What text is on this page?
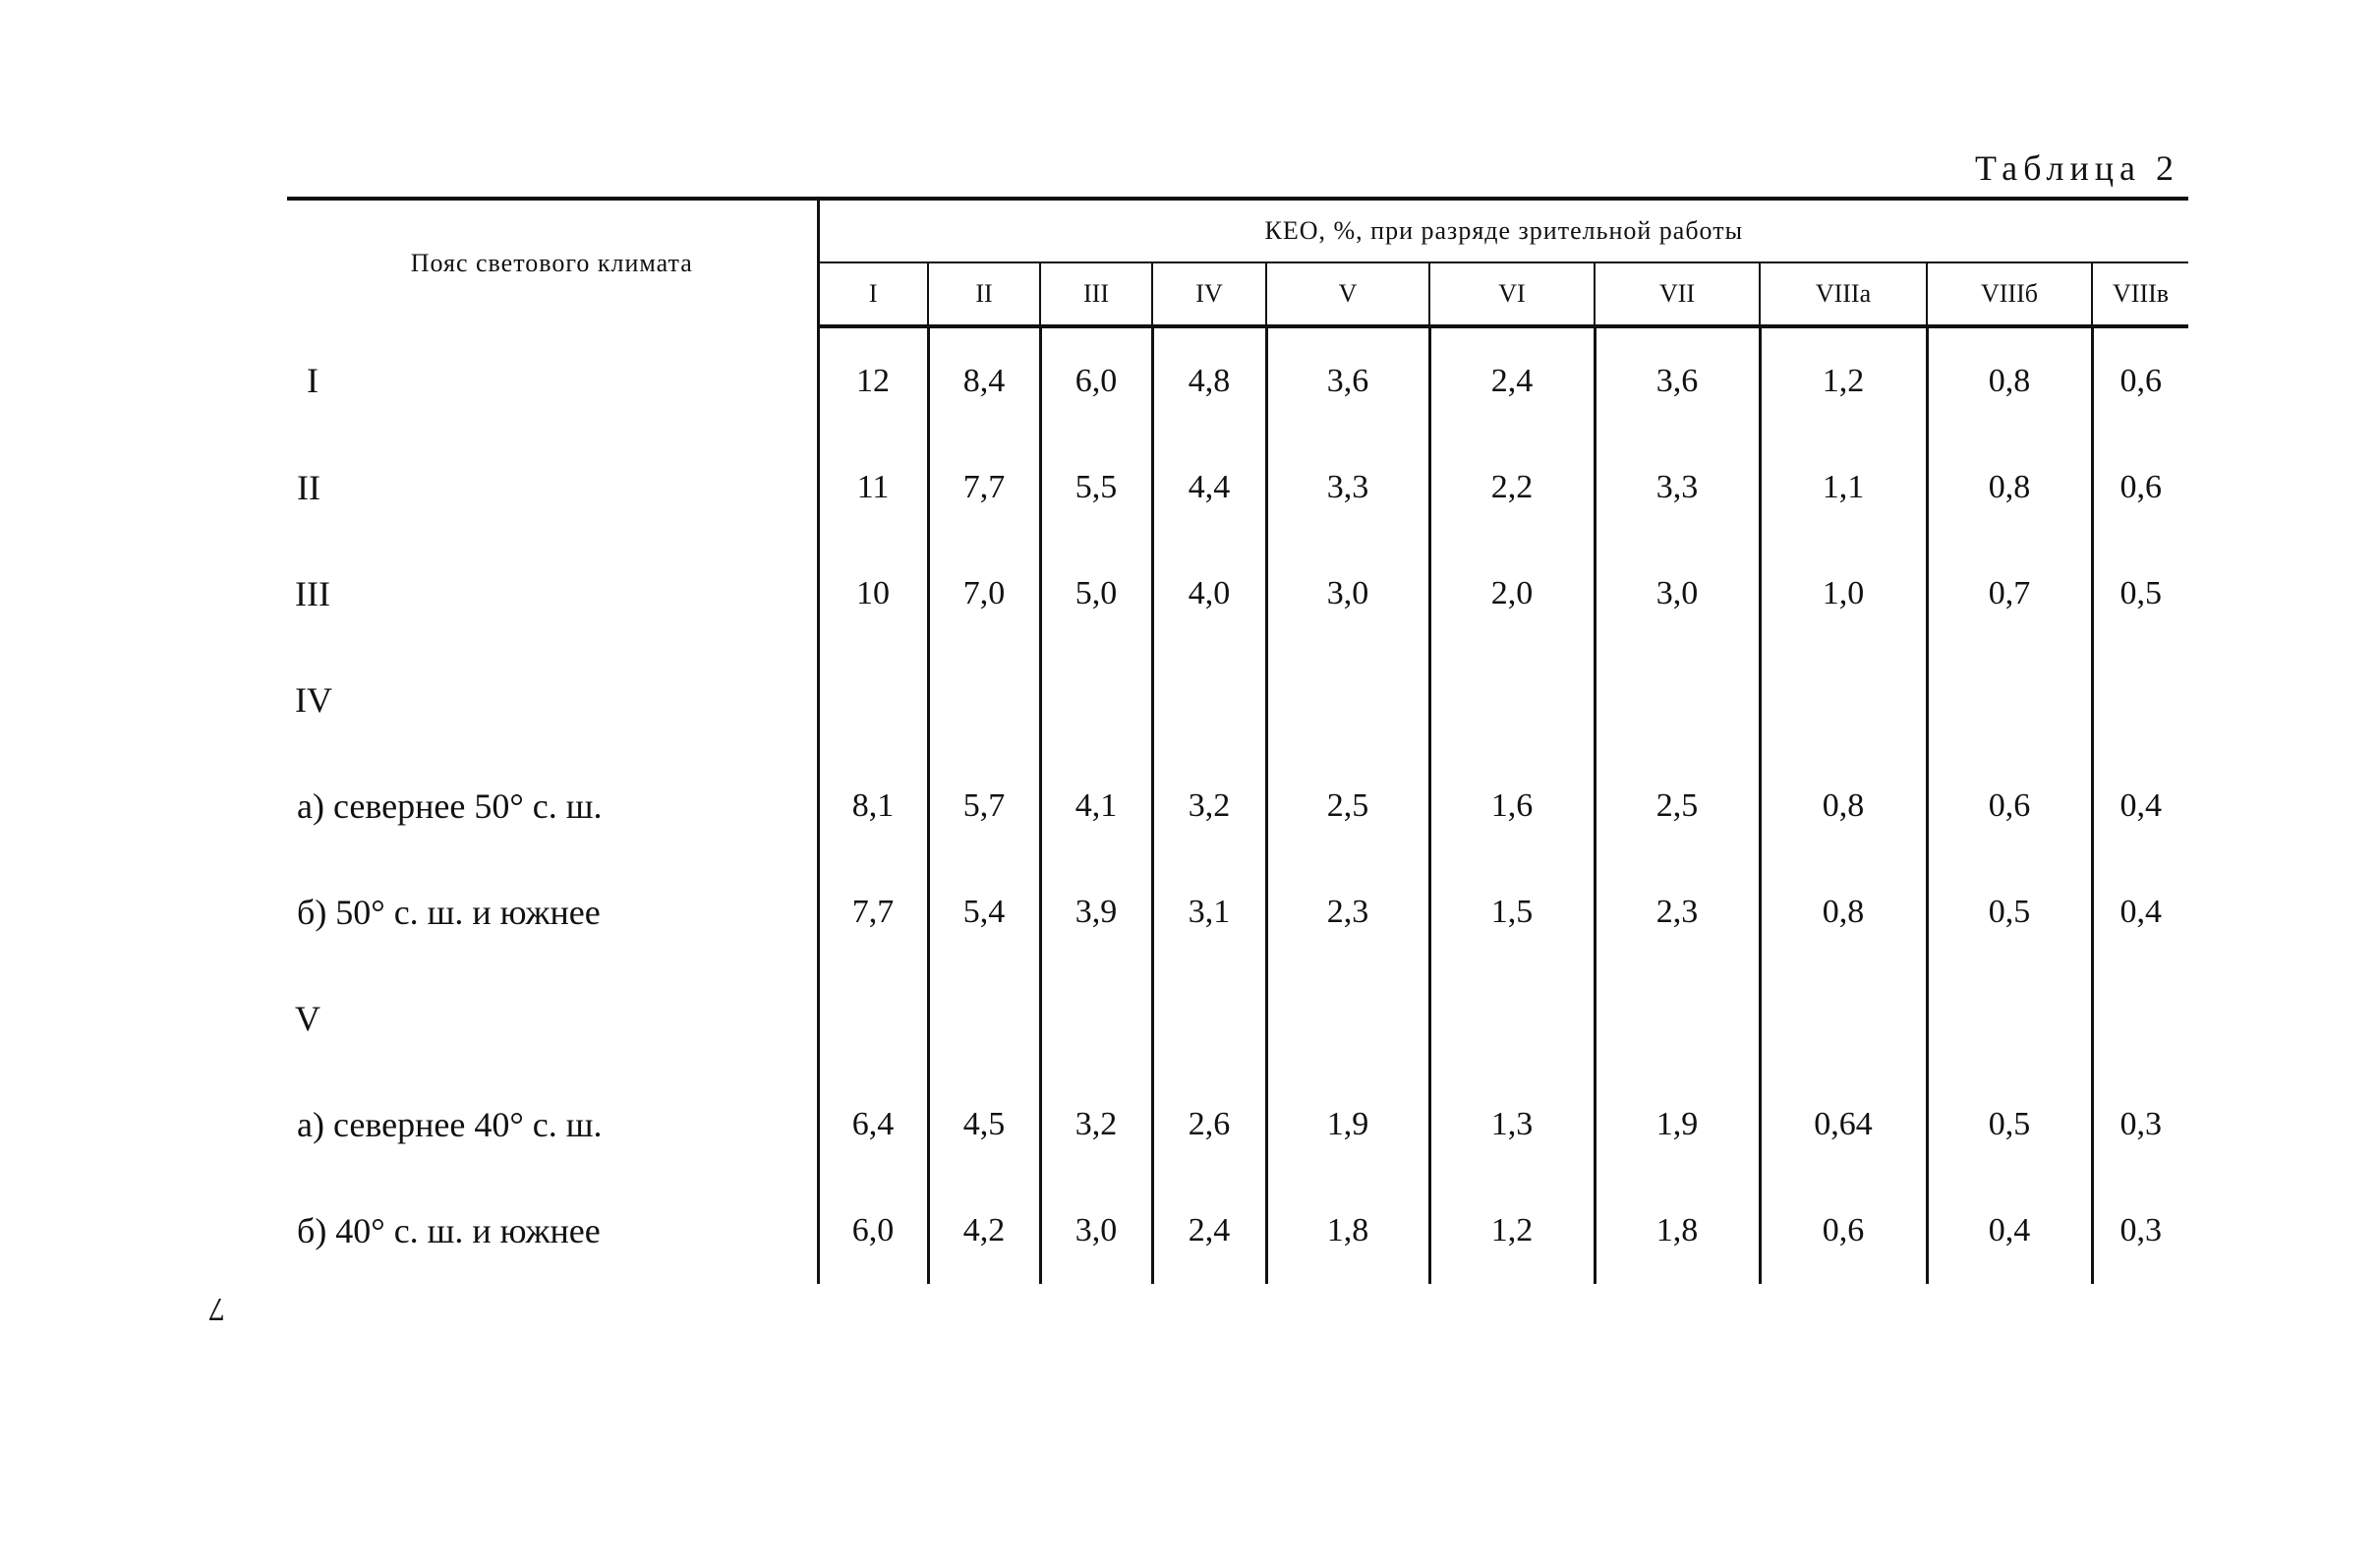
Таблица 2
Пояс светового климата	КЕО, %, при разряде зрительной работы									
	I	II	III	IV	V	VI	VII	VIIIа	VIIIб	VIIIв
I	12	8,4	6,0	4,8	3,6	2,4	3,6	1,2	0,8	0,6
II	11	7,7	5,5	4,4	3,3	2,2	3,3	1,1	0,8	0,6
III	10	7,0	5,0	4,0	3,0	2,0	3,0	1,0	0,7	0,5
IV										
а) севернее 50° с. ш.	8,1	5,7	4,1	3,2	2,5	1,6	2,5	0,8	0,6	0,4
б) 50° с. ш. и южнее	7,7	5,4	3,9	3,1	2,3	1,5	2,3	0,8	0,5	0,4
V										
а) севернее 40° с. ш.	6,4	4,5	3,2	2,6	1,9	1,3	1,9	0,64	0,5	0,3
б) 40° с. ш. и южнее	6,0	4,2	3,0	2,4	1,8	1,2	1,8	0,6	0,4	0,3
7
